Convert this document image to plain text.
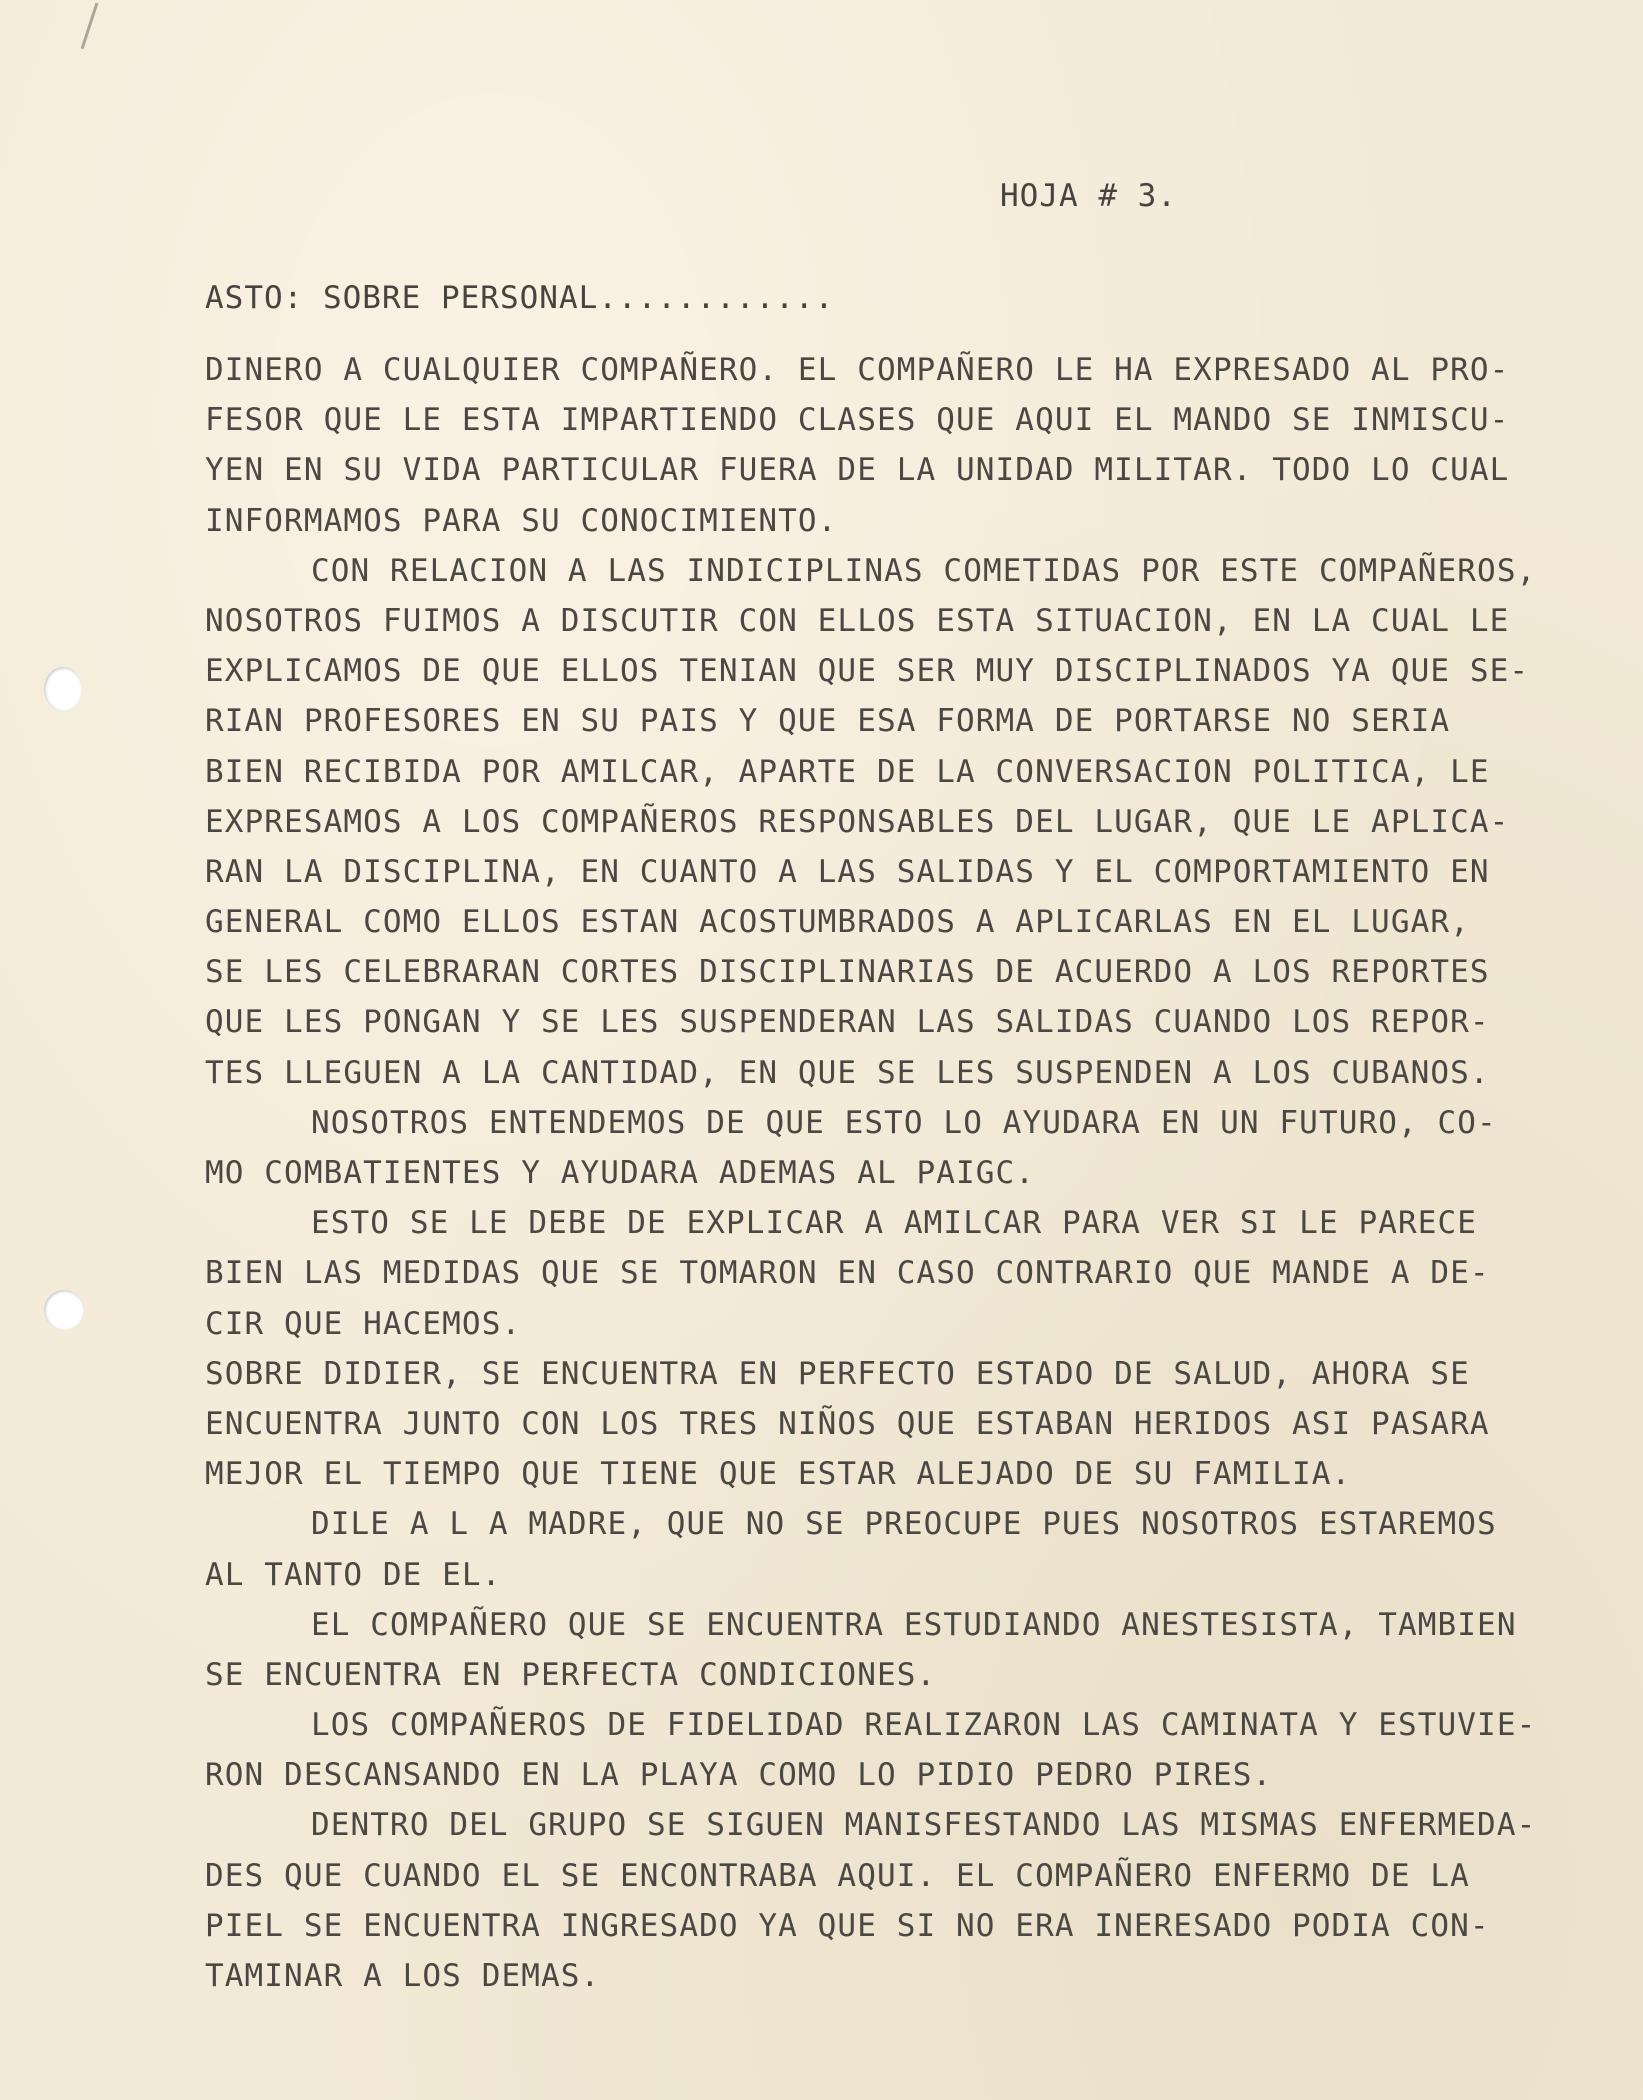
HOJA # 3.
ASTO: SOBRE PERSONAL............
DINERO A CUALQUIER COMPAÑERO. EL COMPAÑERO LE HA EXPRESADO AL PRO-
FESOR QUE LE ESTA IMPARTIENDO CLASES QUE AQUI EL MANDO SE INMISCU-
YEN EN SU VIDA PARTICULAR FUERA DE LA UNIDAD MILITAR. TODO LO CUAL
INFORMAMOS PARA SU CONOCIMIENTO.
CON RELACION A LAS INDICIPLINAS COMETIDAS POR ESTE COMPAÑEROS,
NOSOTROS FUIMOS A DISCUTIR CON ELLOS ESTA SITUACION, EN LA CUAL LE
EXPLICAMOS DE QUE ELLOS TENIAN QUE SER MUY DISCIPLINADOS YA QUE SE-
RIAN PROFESORES EN SU PAIS Y QUE ESA FORMA DE PORTARSE NO SERIA
BIEN RECIBIDA POR AMILCAR, APARTE DE LA CONVERSACION POLITICA, LE
EXPRESAMOS A LOS COMPAÑEROS RESPONSABLES DEL LUGAR, QUE LE APLICA-
RAN LA DISCIPLINA, EN CUANTO A LAS SALIDAS Y EL COMPORTAMIENTO EN
GENERAL COMO ELLOS ESTAN ACOSTUMBRADOS A APLICARLAS EN EL LUGAR,
SE LES CELEBRARAN CORTES DISCIPLINARIAS DE ACUERDO A LOS REPORTES
QUE LES PONGAN Y SE LES SUSPENDERAN LAS SALIDAS CUANDO LOS REPOR-
TES LLEGUEN A LA CANTIDAD, EN QUE SE LES SUSPENDEN A LOS CUBANOS.
NOSOTROS ENTENDEMOS DE QUE ESTO LO AYUDARA EN UN FUTURO, CO-
MO COMBATIENTES Y AYUDARA ADEMAS AL PAIGC.
ESTO SE LE DEBE DE EXPLICAR A AMILCAR PARA VER SI LE PARECE
BIEN LAS MEDIDAS QUE SE TOMARON EN CASO CONTRARIO QUE MANDE A DE-
CIR QUE HACEMOS.
SOBRE DIDIER, SE ENCUENTRA EN PERFECTO ESTADO DE SALUD, AHORA SE
ENCUENTRA JUNTO CON LOS TRES NIÑOS QUE ESTABAN HERIDOS ASI PASARA
MEJOR EL TIEMPO QUE TIENE QUE ESTAR ALEJADO DE SU FAMILIA.
DILE A L A MADRE, QUE NO SE PREOCUPE PUES NOSOTROS ESTAREMOS
AL TANTO DE EL.
EL COMPAÑERO QUE SE ENCUENTRA ESTUDIANDO ANESTESISTA, TAMBIEN
SE ENCUENTRA EN PERFECTA CONDICIONES.
LOS COMPAÑEROS DE FIDELIDAD REALIZARON LAS CAMINATA Y ESTUVIE-
RON DESCANSANDO EN LA PLAYA COMO LO PIDIO PEDRO PIRES.
DENTRO DEL GRUPO SE SIGUEN MANISFESTANDO LAS MISMAS ENFERMEDA-
DES QUE CUANDO EL SE ENCONTRABA AQUI. EL COMPAÑERO ENFERMO DE LA
PIEL SE ENCUENTRA INGRESADO YA QUE SI NO ERA INERESADO PODIA CON-
TAMINAR A LOS DEMAS.
